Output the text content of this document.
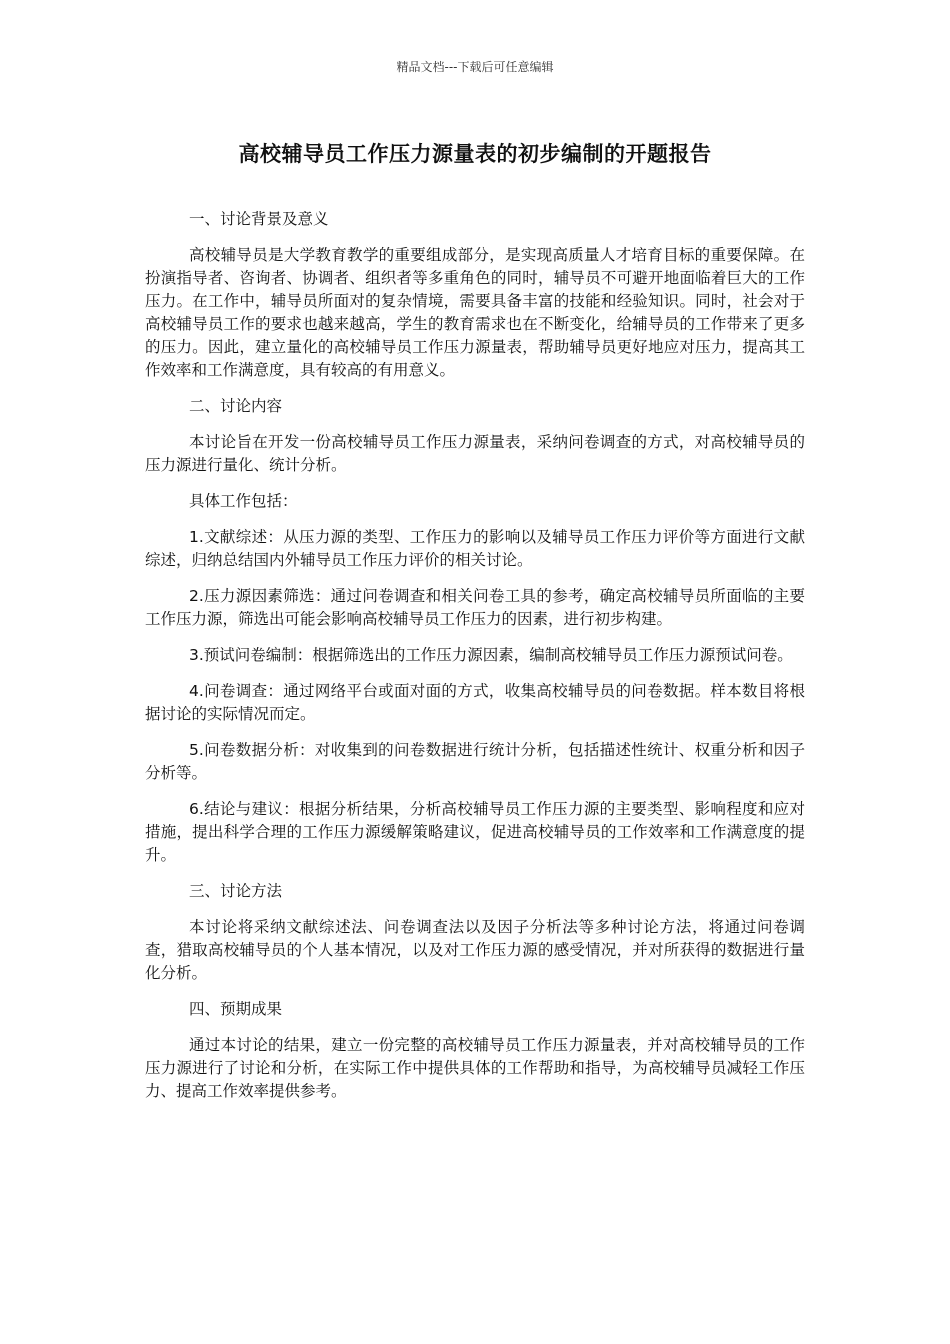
精品文档---下载后可任意编辑
高校辅导员工作压力源量表的初步编制的开题报告

一、讨论背景及意义

高校辅导员是大学教育教学的重要组成部分，是实现高质量人才培育目标的重要保障。在扮演指导者、咨询者、协调者、组织者等多重角色的同时，辅导员不可避开地面临着巨大的工作压力。在工作中，辅导员所面对的复杂情境，需要具备丰富的技能和经验知识。同时，社会对于高校辅导员工作的要求也越来越高，学生的教育需求也在不断变化，给辅导员的工作带来了更多的压力。因此，建立量化的高校辅导员工作压力源量表，帮助辅导员更好地应对压力，提高其工作效率和工作满意度，具有较高的有用意义。

二、讨论内容

本讨论旨在开发一份高校辅导员工作压力源量表，采纳问卷调查的方式，对高校辅导员的压力源进行量化、统计分析。

具体工作包括：

1.文献综述：从压力源的类型、工作压力的影响以及辅导员工作压力评价等方面进行文献综述，归纳总结国内外辅导员工作压力评价的相关讨论。

2.压力源因素筛选：通过问卷调查和相关问卷工具的参考，确定高校辅导员所面临的主要工作压力源，筛选出可能会影响高校辅导员工作压力的因素，进行初步构建。

3.预试问卷编制：根据筛选出的工作压力源因素，编制高校辅导员工作压力源预试问卷。

4.问卷调查：通过网络平台或面对面的方式，收集高校辅导员的问卷数据。样本数目将根据讨论的实际情况而定。

5.问卷数据分析：对收集到的问卷数据进行统计分析，包括描述性统计、权重分析和因子分析等。

6.结论与建议：根据分析结果，分析高校辅导员工作压力源的主要类型、影响程度和应对措施，提出科学合理的工作压力源缓解策略建议，促进高校辅导员的工作效率和工作满意度的提升。

三、讨论方法

本讨论将采纳文献综述法、问卷调查法以及因子分析法等多种讨论方法，将通过问卷调查，猎取高校辅导员的个人基本情况，以及对工作压力源的感受情况，并对所获得的数据进行量化分析。

四、预期成果

通过本讨论的结果，建立一份完整的高校辅导员工作压力源量表，并对高校辅导员的工作压力源进行了讨论和分析，在实际工作中提供具体的工作帮助和指导，为高校辅导员减轻工作压力、提高工作效率提供参考。
